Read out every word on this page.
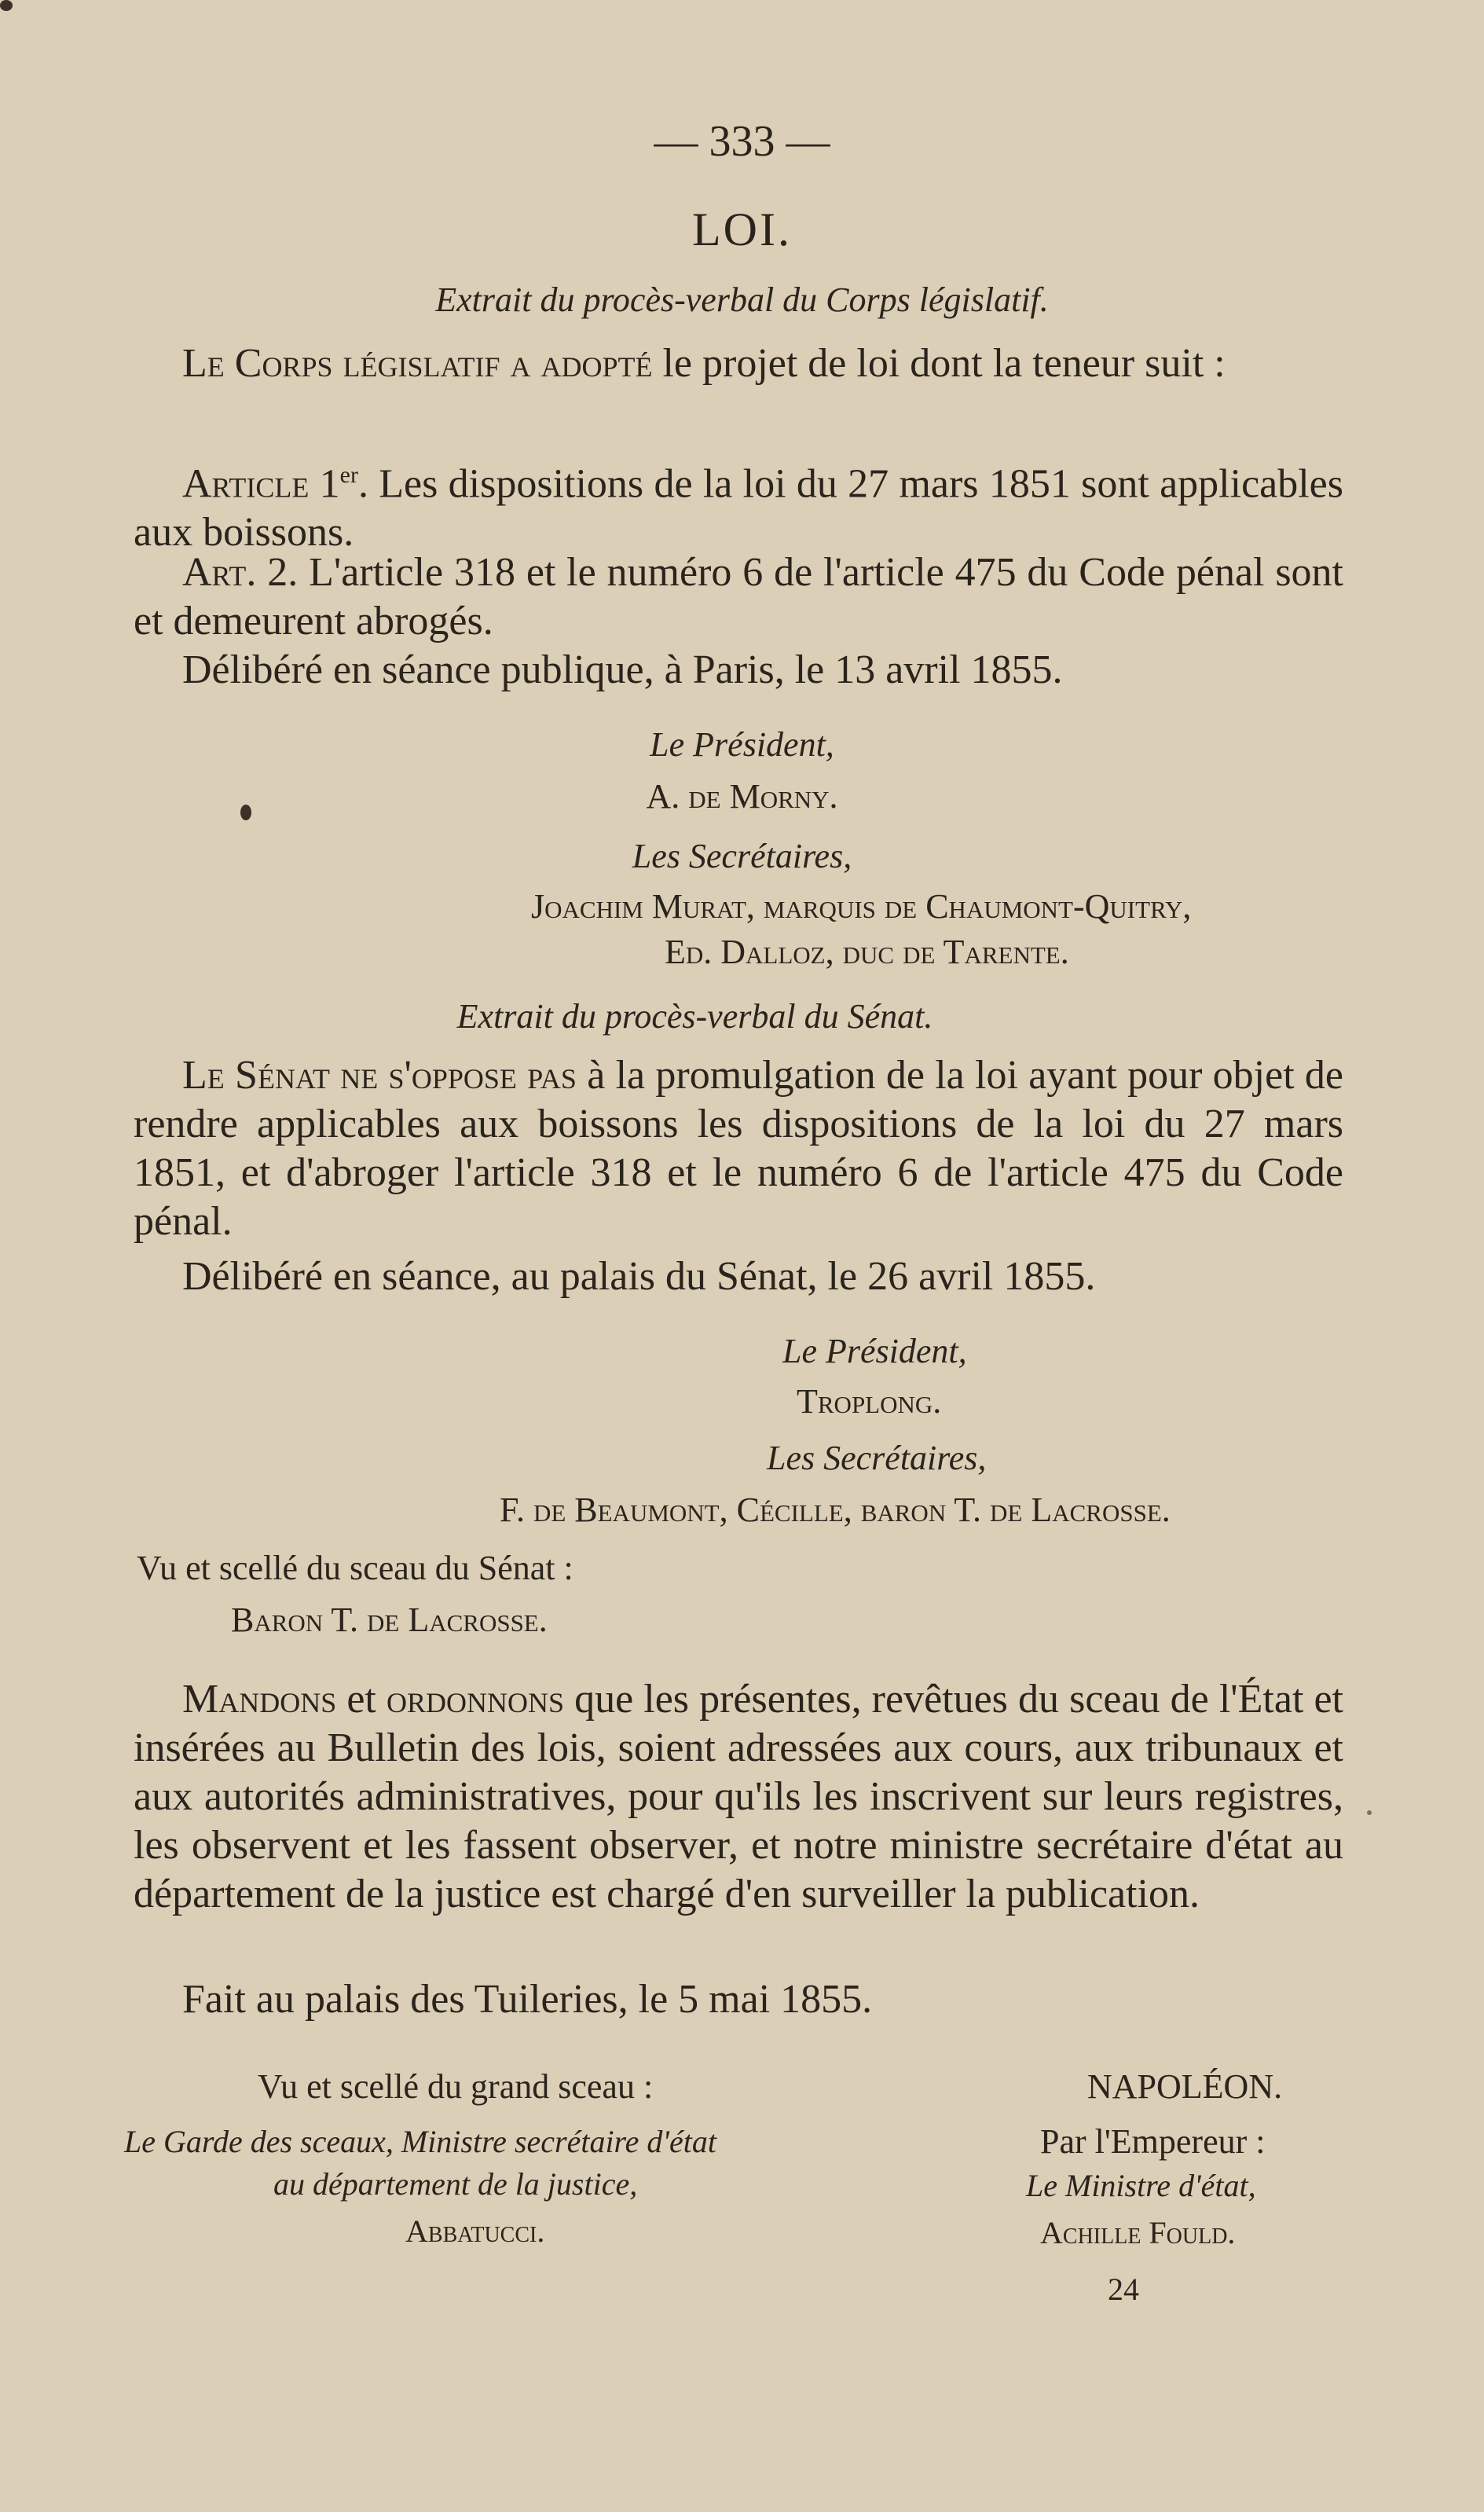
— 333 —
LOI.
Extrait du procès-verbal du Corps législatif.
Le Corps législatif a adopté le projet de loi dont la teneur suit :
Article 1er. Les dispositions de la loi du 27 mars 1851 sont applicables aux boissons.
Art. 2. L'article 318 et le numéro 6 de l'article 475 du Code pénal sont et demeurent abrogés.
Délibéré en séance publique, à Paris, le 13 avril 1855.
Le Président,
A. de Morny.
Les Secrétaires,
Joachim Murat, marquis de Chaumont-Quitry,
Ed. Dalloz, duc de Tarente.
Extrait du procès-verbal du Sénat.
Le Sénat ne s'oppose pas à la promulgation de la loi ayant pour objet de rendre applicables aux boissons les dispositions de la loi du 27 mars 1851, et d'abroger l'article 318 et le numéro 6 de l'article 475 du Code pénal.
Délibéré en séance, au palais du Sénat, le 26 avril 1855.
Le Président,
Troplong.
Les Secrétaires,
F. de Beaumont, Cécille, baron T. de Lacrosse.
Vu et scellé du sceau du Sénat :
Baron T. de Lacrosse.
Mandons et ordonnons que les présentes, revêtues du sceau de l'État et insérées au Bulletin des lois, soient adressées aux cours, aux tribunaux et aux autorités administratives, pour qu'ils les inscrivent sur leurs registres, les observent et les fassent observer, et notre ministre secrétaire d'état au département de la justice est chargé d'en surveiller la publication.
Fait au palais des Tuileries, le 5 mai 1855.
Vu et scellé du grand sceau :
Le Garde des sceaux, Ministre secrétaire d'état
au département de la justice,
Abbatucci.
NAPOLÉON.
Par l'Empereur :
Le Ministre d'état,
Achille Fould.
24
